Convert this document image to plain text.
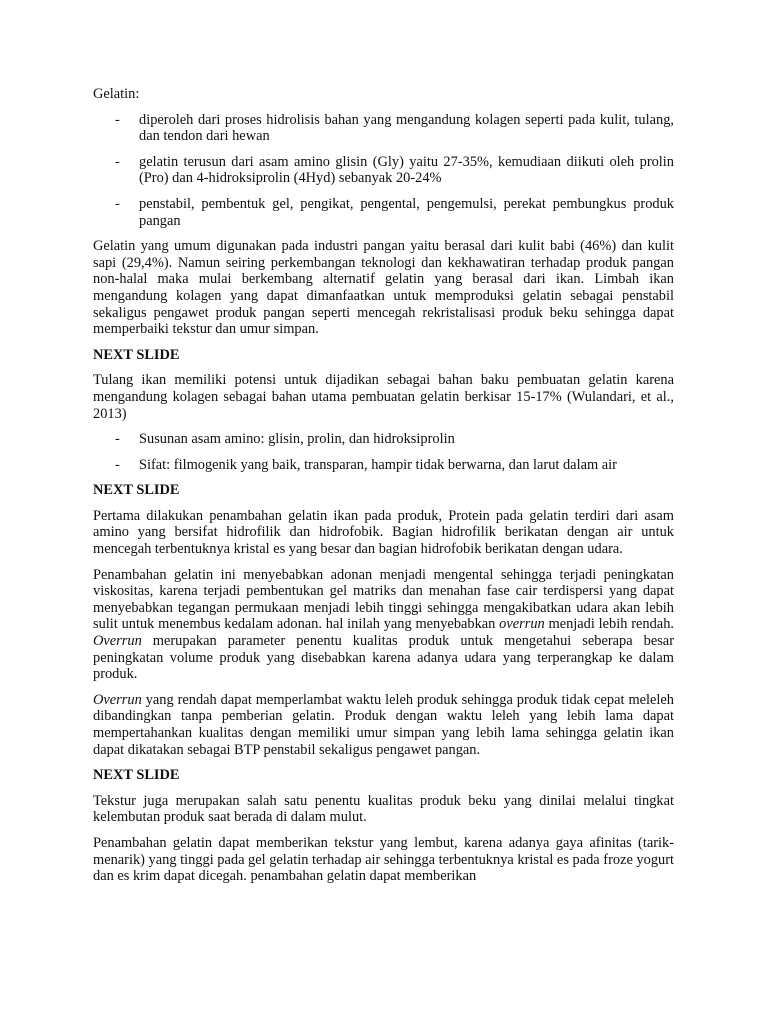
Gelatin:

- diperoleh dari proses hidrolisis bahan yang mengandung kolagen seperti pada kulit, tulang, dan tendon dari hewan
- gelatin terusun dari asam amino glisin (Gly) yaitu 27-35%, kemudiaan diikuti oleh prolin (Pro) dan 4-hidroksiprolin (4Hyd) sebanyak 20-24%
- penstabil, pembentuk gel, pengikat, pengental, pengemulsi, perekat pembungkus produk pangan

Gelatin yang umum digunakan pada industri pangan yaitu berasal dari kulit babi (46%) dan kulit sapi (29,4%). Namun seiring perkembangan teknologi dan kekhawatiran terhadap produk pangan non-halal maka mulai berkembang alternatif gelatin yang berasal dari ikan. Limbah ikan mengandung kolagen yang dapat dimanfaatkan untuk memproduksi gelatin sebagai penstabil sekaligus pengawet produk pangan seperti mencegah rekristalisasi produk beku sehingga dapat memperbaiki tekstur dan umur simpan.

NEXT SLIDE

Tulang ikan memiliki potensi untuk dijadikan sebagai bahan baku pembuatan gelatin karena mengandung kolagen sebagai bahan utama pembuatan gelatin berkisar 15-17% (Wulandari, et al., 2013)

- Susunan asam amino: glisin, prolin, dan hidroksiprolin
- Sifat: filmogenik yang baik, transparan, hampir tidak berwarna, dan larut dalam air

NEXT SLIDE

Pertama dilakukan penambahan gelatin ikan pada produk, Protein pada gelatin terdiri dari asam amino yang bersifat hidrofilik dan hidrofobik. Bagian hidrofilik berikatan dengan air untuk mencegah terbentuknya kristal es yang besar dan bagian hidrofobik berikatan dengan udara.

Penambahan gelatin ini menyebabkan adonan menjadi mengental sehingga terjadi peningkatan viskositas, karena terjadi pembentukan gel matriks dan menahan fase cair terdispersi yang dapat menyebabkan tegangan permukaan menjadi lebih tinggi sehingga mengakibatkan udara akan lebih sulit untuk menembus kedalam adonan. hal inilah yang menyebabkan overrun menjadi lebih rendah. Overrun merupakan parameter penentu kualitas produk untuk mengetahui seberapa besar peningkatan volume produk yang disebabkan karena adanya udara yang terperangkap ke dalam produk.

Overrun yang rendah dapat memperlambat waktu leleh produk sehingga produk tidak cepat meleleh dibandingkan tanpa pemberian gelatin. Produk dengan waktu leleh yang lebih lama dapat mempertahankan kualitas dengan memiliki umur simpan yang lebih lama sehingga gelatin ikan dapat dikatakan sebagai BTP penstabil sekaligus pengawet pangan.

NEXT SLIDE

Tekstur juga merupakan salah satu penentu kualitas produk beku yang dinilai melalui tingkat kelembutan produk saat berada di dalam mulut.

Penambahan gelatin dapat memberikan tekstur yang lembut, karena adanya gaya afinitas (tarik-menarik) yang tinggi pada gel gelatin terhadap air sehingga terbentuknya kristal es pada froze yogurt dan es krim dapat dicegah. penambahan gelatin dapat memberikan
